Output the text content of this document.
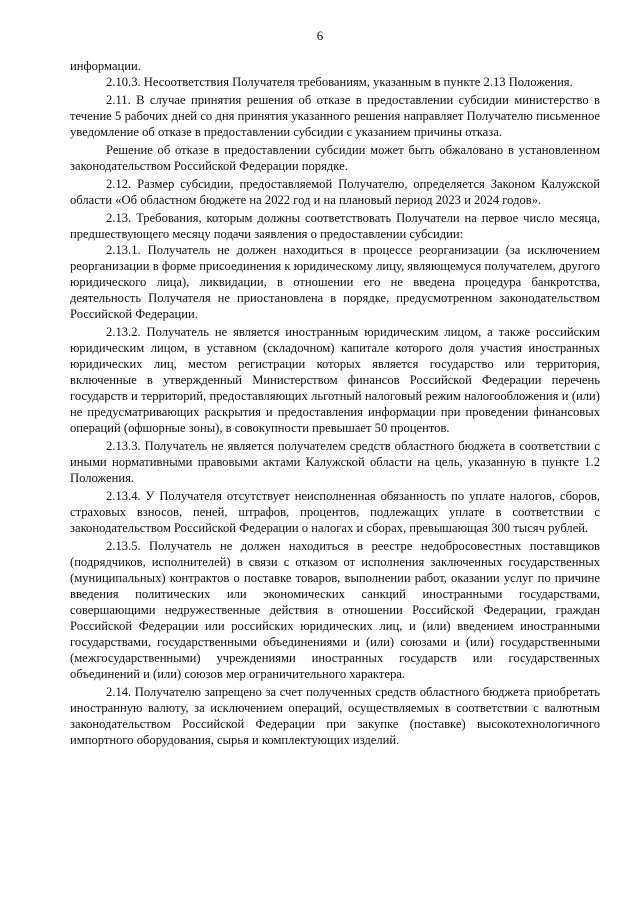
6

информации.

2.10.3. Несоответствия Получателя требованиям, указанным в пункте 2.13 Положения.

2.11. В случае принятия решения об отказе в предоставлении субсидии министерство в течение 5 рабочих дней со дня принятия указанного решения направляет Получателю письменное уведомление об отказе в предоставлении субсидии с указанием причины отказа.

Решение об отказе в предоставлении субсидии может быть обжаловано в установленном законодательством Российской Федерации порядке.

2.12. Размер субсидии, предоставляемой Получателю, определяется Законом Калужской области «Об областном бюджете на 2022 год и на плановый период 2023 и 2024 годов».

2.13. Требования, которым должны соответствовать Получатели на первое число месяца, предшествующего месяцу подачи заявления о предоставлении субсидии:

2.13.1. Получатель не должен находиться в процессе реорганизации (за исключением реорганизации в форме присоединения к юридическому лицу, являющемуся получателем, другого юридического лица), ликвидации, в отношении его не введена процедура банкротства, деятельность Получателя не приостановлена в порядке, предусмотренном законодательством Российской Федерации.

2.13.2. Получатель не является иностранным юридическим лицом, а также российским юридическим лицом, в уставном (складочном) капитале которого доля участия иностранных юридических лиц, местом регистрации которых является государство или территория, включенные в утвержденный Министерством финансов Российской Федерации перечень государств и территорий, предоставляющих льготный налоговый режим налогообложения и (или) не предусматривающих раскрытия и предоставления информации при проведении финансовых операций (офшорные зоны), в совокупности превышает 50 процентов.

2.13.3. Получатель не является получателем средств областного бюджета в соответствии с иными нормативными правовыми актами Калужской области на цель, указанную в пункте 1.2 Положения.

2.13.4. У Получателя отсутствует неисполненная обязанность по уплате налогов, сборов, страховых взносов, пеней, штрафов, процентов, подлежащих уплате в соответствии с законодательством Российской Федерации о налогах и сборах, превышающая 300 тысяч рублей.

2.13.5. Получатель не должен находиться в реестре недобросовестных поставщиков (подрядчиков, исполнителей) в связи с отказом от исполнения заключенных государственных (муниципальных) контрактов о поставке товаров, выполнении работ, оказании услуг по причине введения политических или экономических санкций иностранными государствами, совершающими недружественные действия в отношении Российской Федерации, граждан Российской Федерации или российских юридических лиц, и (или) введением иностранными государствами, государственными объединениями и (или) союзами и (или) государственными (межгосударственными) учреждениями иностранных государств или государственных объединений и (или) союзов мер ограничительного характера.

2.14. Получателю запрещено за счет полученных средств областного бюджета приобретать иностранную валюту, за исключением операций, осуществляемых в соответствии с валютным законодательством Российской Федерации при закупке (поставке) высокотехнологичного импортного оборудования, сырья и комплектующих изделий.
